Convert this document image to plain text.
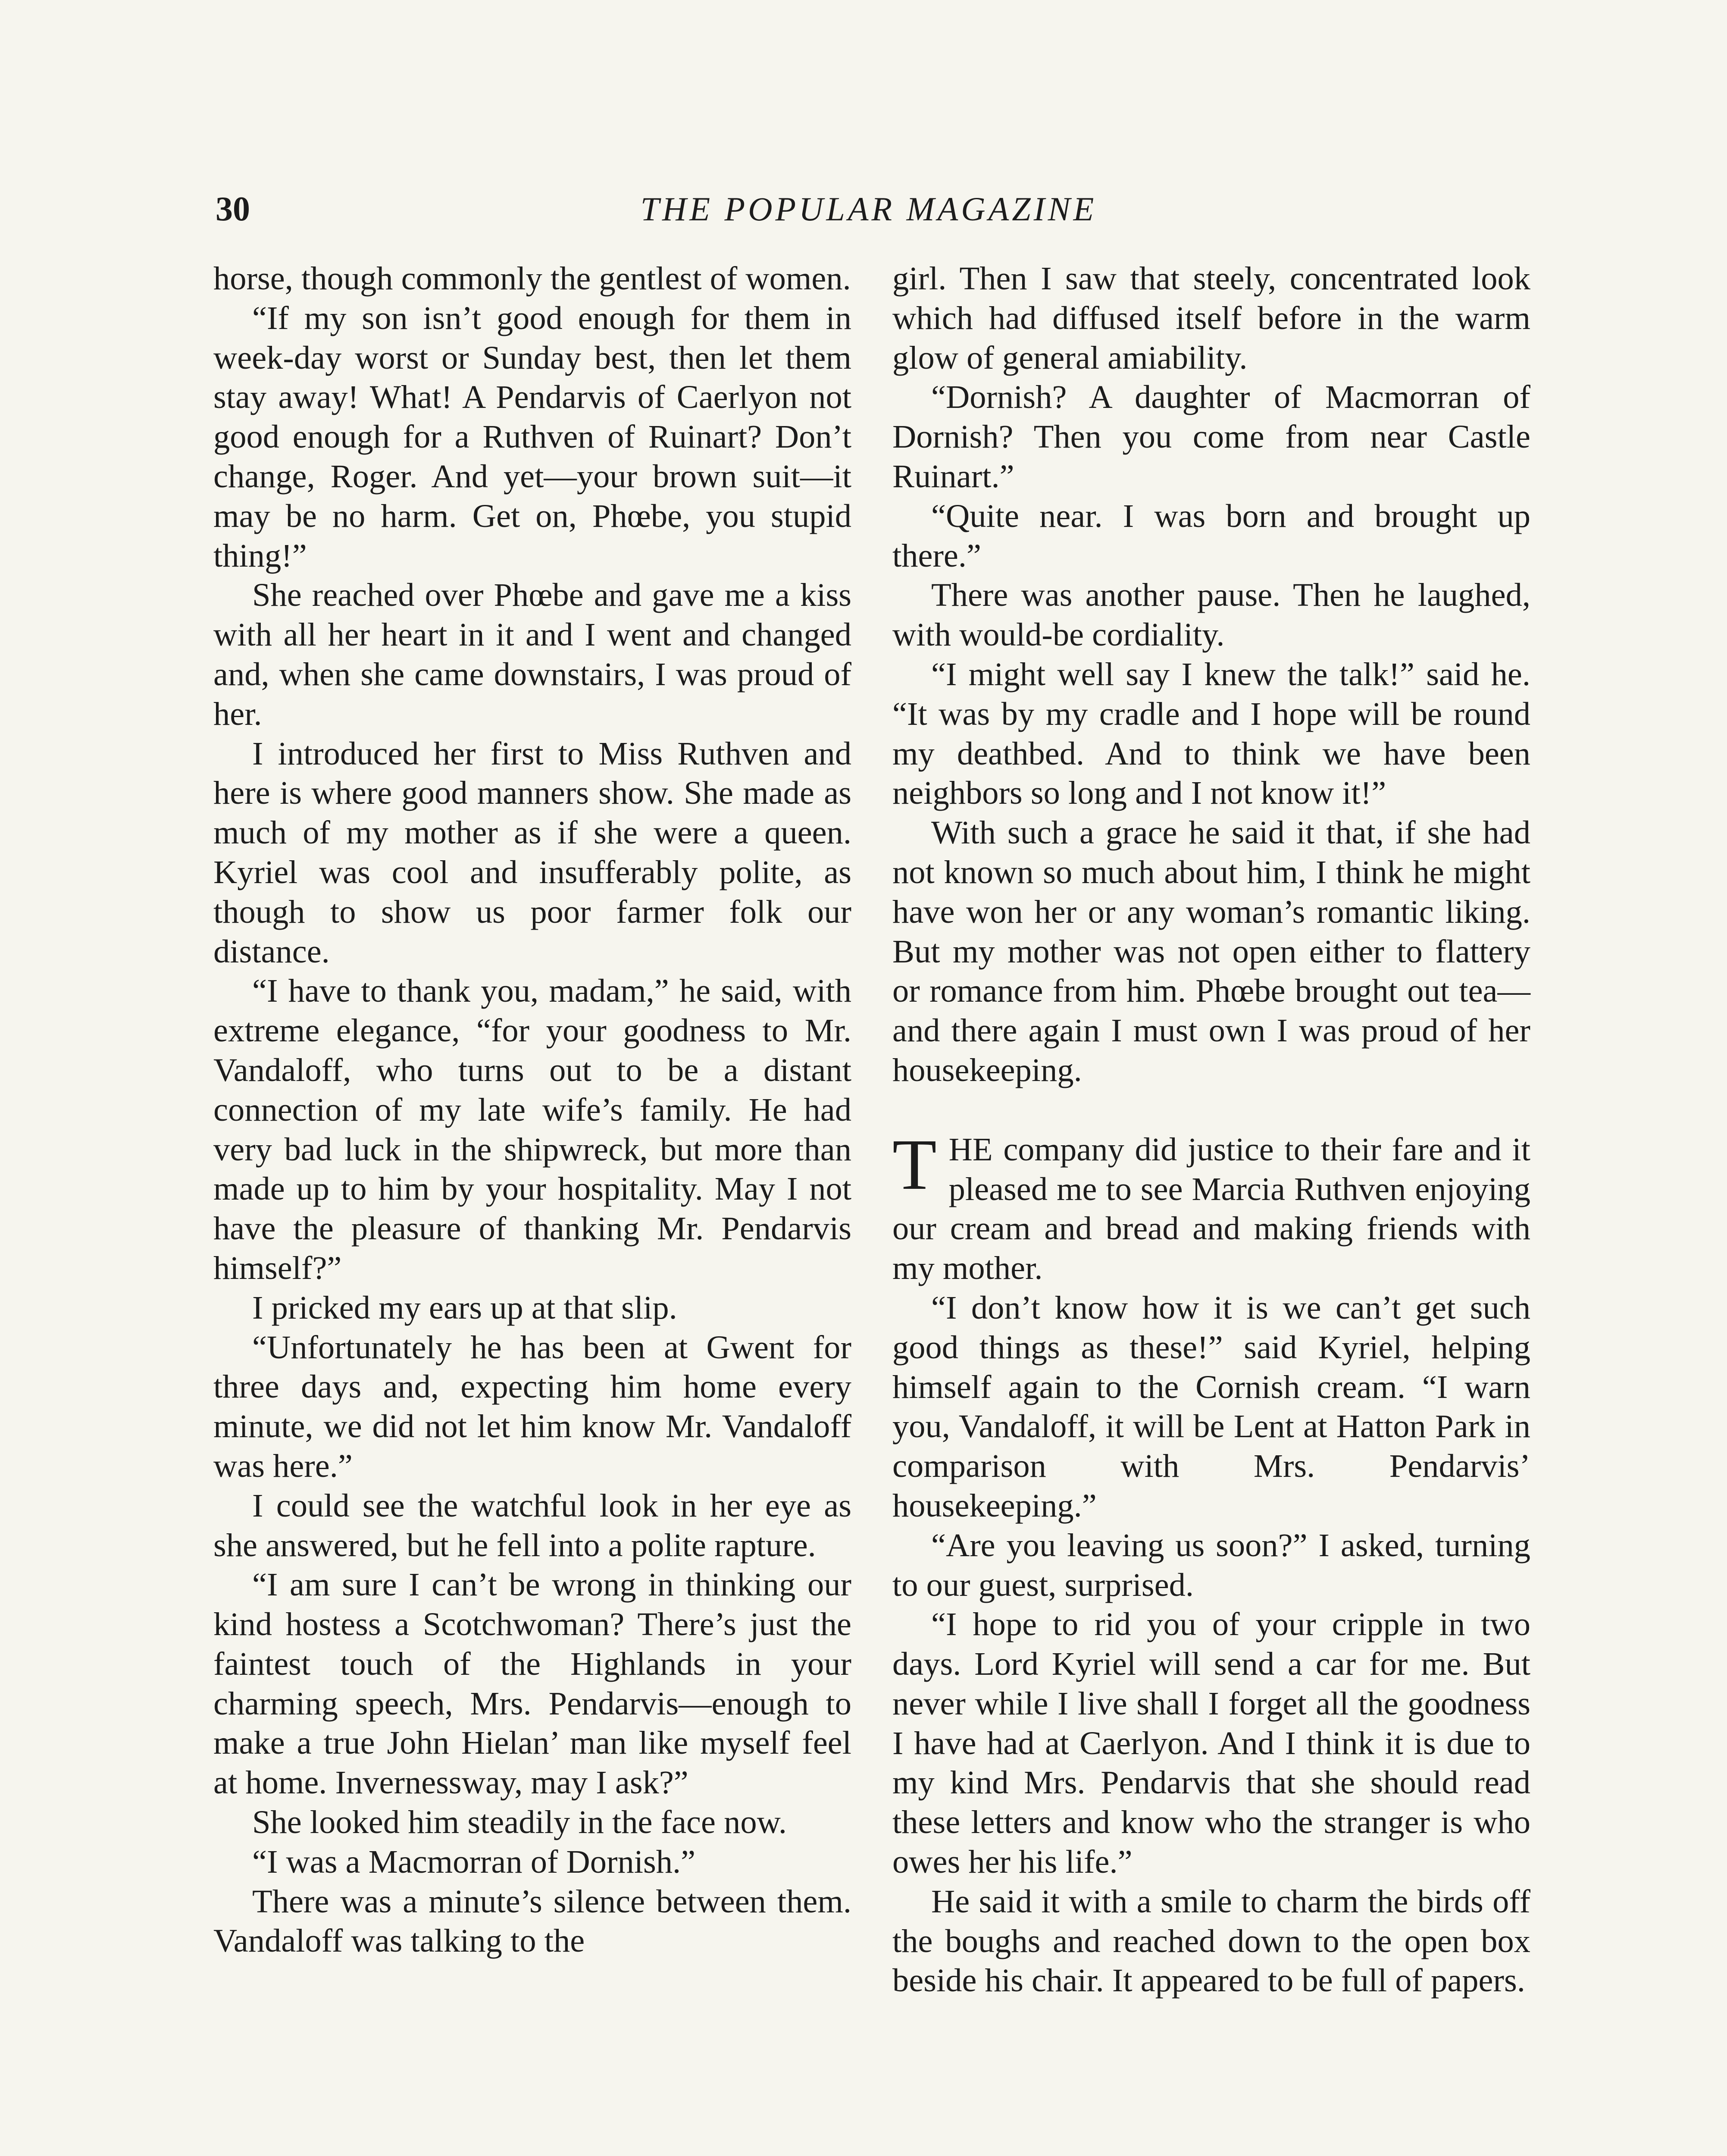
30	THE POPULAR MAGAZINE

horse, though commonly the gentlest of women.

“If my son isn’t good enough for them in week-day worst or Sunday best, then let them stay away! What! A Pendarvis of Caerlyon not good enough for a Ruthven of Ruinart? Don’t change, Roger. And yet—your brown suit—it may be no harm. Get on, Phœbe, you stupid thing!”

She reached over Phœbe and gave me a kiss with all her heart in it and I went and changed and, when she came downstairs, I was proud of her.

I introduced her first to Miss Ruthven and here is where good manners show. She made as much of my mother as if she were a queen. Kyriel was cool and insufferably polite, as though to show us poor farmer folk our distance.

“I have to thank you, madam,” he said, with extreme elegance, “for your goodness to Mr. Vandaloff, who turns out to be a distant connection of my late wife’s family. He had very bad luck in the shipwreck, but more than made up to him by your hospitality. May I not have the pleasure of thanking Mr. Pendarvis himself?”

I pricked my ears up at that slip.

“Unfortunately he has been at Gwent for three days and, expecting him home every minute, we did not let him know Mr. Vandaloff was here.”

I could see the watchful look in her eye as she answered, but he fell into a polite rapture.

“I am sure I can’t be wrong in thinking our kind hostess a Scotchwoman? There’s just the faintest touch of the Highlands in your charming speech, Mrs. Pendarvis—enough to make a true John Hielan’ man like myself feel at home. Invernessway, may I ask?”

She looked him steadily in the face now.

“I was a Macmorran of Dornish.”

There was a minute’s silence between them. Vandaloff was talking to the

girl. Then I saw that steely, concentrated look which had diffused itself before in the warm glow of general amiability.

“Dornish? A daughter of Macmorran of Dornish? Then you come from near Castle Ruinart.”

“Quite near. I was born and brought up there.”

There was another pause. Then he laughed, with would-be cordiality.

“I might well say I knew the talk!” said he. “It was by my cradle and I hope will be round my deathbed. And to think we have been neighbors so long and I not know it!”

With such a grace he said it that, if she had not known so much about him, I think he might have won her or any woman’s romantic liking. But my mother was not open either to flattery or romance from him. Phœbe brought out tea—and there again I must own I was proud of her housekeeping.

THE company did justice to their fare and it pleased me to see Marcia Ruthven enjoying our cream and bread and making friends with my mother.

“I don’t know how it is we can’t get such good things as these!” said Kyriel, helping himself again to the Cornish cream. “I warn you, Vandaloff, it will be Lent at Hatton Park in comparison with Mrs. Pendarvis’ housekeeping.”

“Are you leaving us soon?” I asked, turning to our guest, surprised.

“I hope to rid you of your cripple in two days. Lord Kyriel will send a car for me. But never while I live shall I forget all the goodness I have had at Caerlyon. And I think it is due to my kind Mrs. Pendarvis that she should read these letters and know who the stranger is who owes her his life.”

He said it with a smile to charm the birds off the boughs and reached down to the open box beside his chair. It appeared to be full of papers.
